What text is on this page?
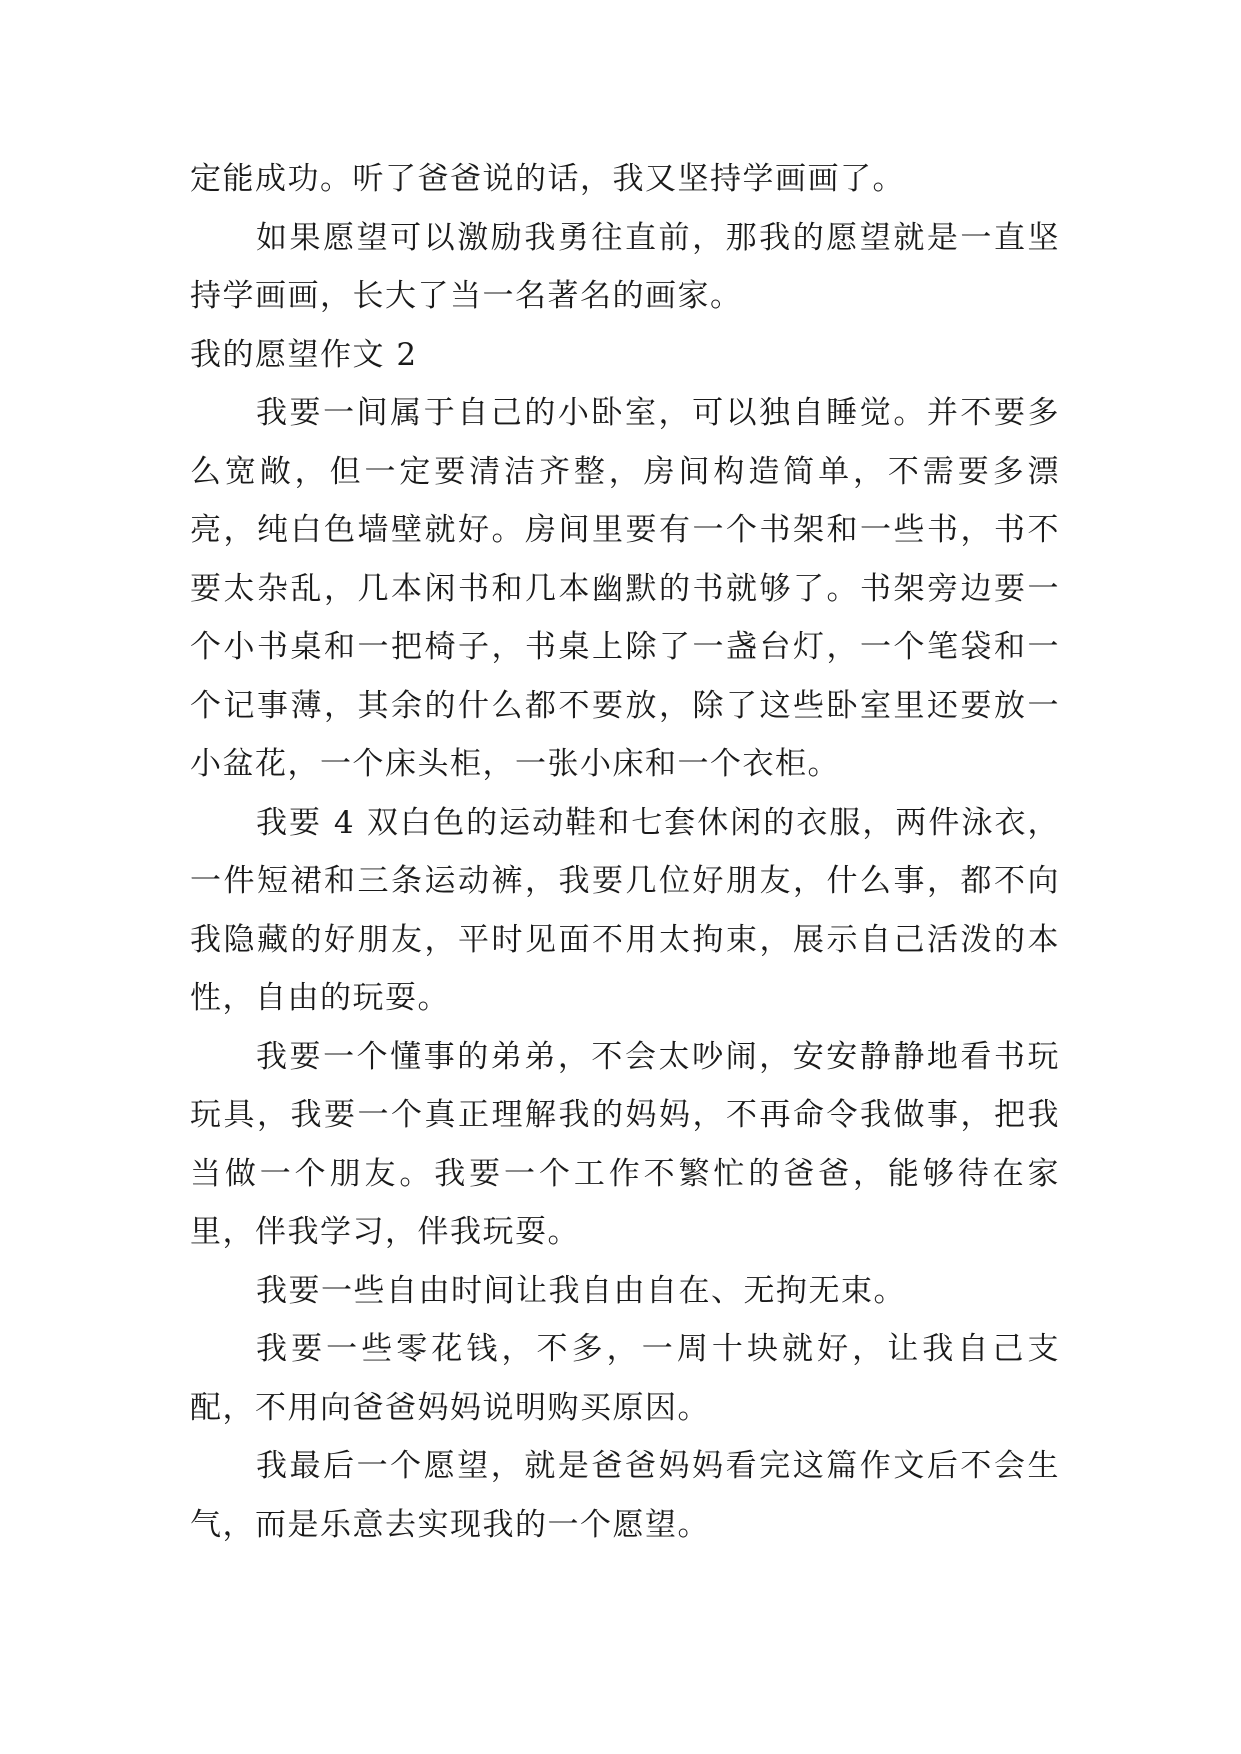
定能成功。听了爸爸说的话，我又坚持学画画了。

如果愿望可以激励我勇往直前，那我的愿望就是一直坚持学画画，长大了当一名著名的画家。

我的愿望作文 2

我要一间属于自己的小卧室，可以独自睡觉。并不要多么宽敞，但一定要清洁齐整，房间构造简单，不需要多漂亮，纯白色墙壁就好。房间里要有一个书架和一些书，书不要太杂乱，几本闲书和几本幽默的书就够了。书架旁边要一个小书桌和一把椅子，书桌上除了一盏台灯，一个笔袋和一个记事薄，其余的什么都不要放，除了这些卧室里还要放一小盆花，一个床头柜，一张小床和一个衣柜。

我要 4 双白色的运动鞋和七套休闲的衣服，两件泳衣，一件短裙和三条运动裤，我要几位好朋友，什么事，都不向我隐藏的好朋友，平时见面不用太拘束，展示自己活泼的本性，自由的玩耍。

我要一个懂事的弟弟，不会太吵闹，安安静静地看书玩玩具，我要一个真正理解我的妈妈，不再命令我做事，把我当做一个朋友。我要一个工作不繁忙的爸爸，能够待在家里，伴我学习，伴我玩耍。

我要一些自由时间让我自由自在、无拘无束。

我要一些零花钱，不多，一周十块就好，让我自己支配，不用向爸爸妈妈说明购买原因。

我最后一个愿望，就是爸爸妈妈看完这篇作文后不会生气，而是乐意去实现我的一个愿望。
